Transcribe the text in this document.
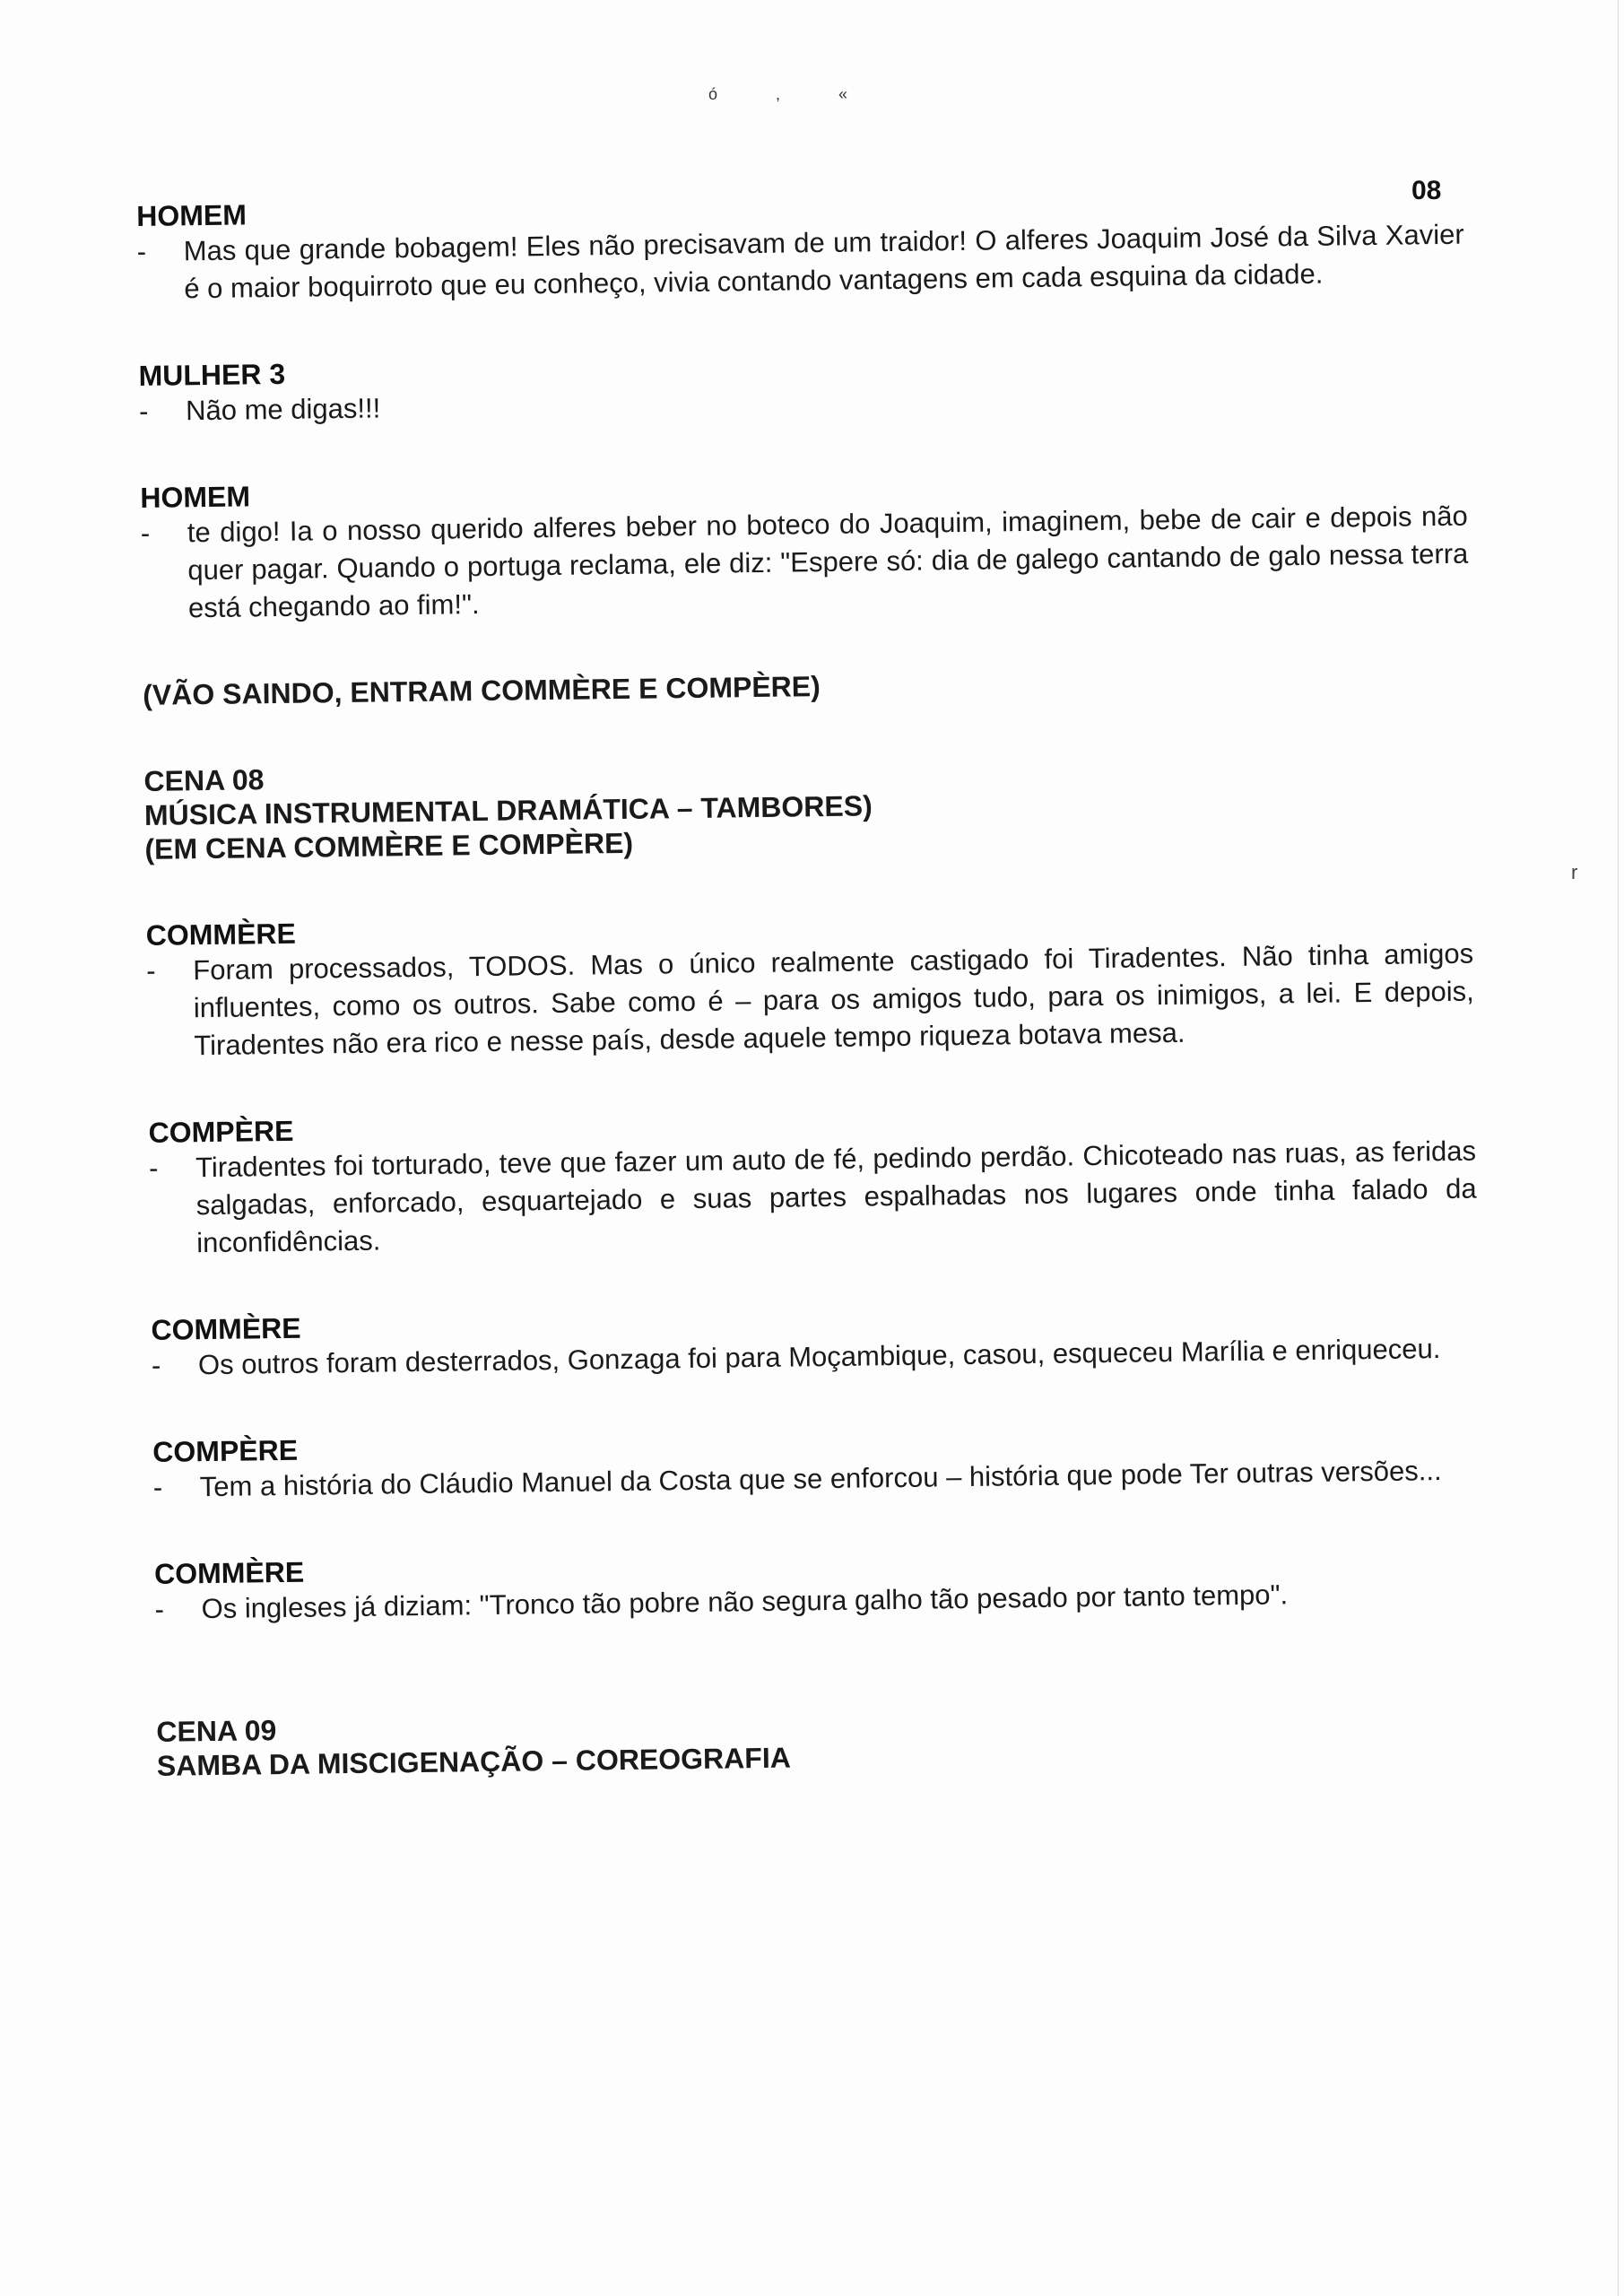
ó , «
08
r

HOMEM

-	Mas que grande bobagem! Eles não precisavam de um traidor! O alferes Joaquim José da Silva Xavier é o maior boquirroto que eu conheço, vivia contando vantagens em cada esquina da cidade.

MULHER 3

-	Não me digas!!!

HOMEM

-	te digo! Ia o nosso querido alferes beber no boteco do Joaquim, imaginem, bebe de cair e depois não quer pagar. Quando o portuga reclama, ele diz: "Espere só: dia de galego cantando de galo nessa terra está chegando ao fim!".

(VÃO SAINDO, ENTRAM COMMÈRE E COMPÈRE)

CENA 08

MÚSICA INSTRUMENTAL DRAMÁTICA – TAMBORES)

(EM CENA COMMÈRE E COMPÈRE)

COMMÈRE

-	Foram processados, TODOS. Mas o único realmente castigado foi Tiradentes. Não tinha amigos influentes, como os outros. Sabe como é – para os amigos tudo, para os inimigos, a lei. E depois, Tiradentes não era rico e nesse país, desde aquele tempo riqueza botava mesa.

COMPÈRE

-	Tiradentes foi torturado, teve que fazer um auto de fé, pedindo perdão. Chicoteado nas ruas, as feridas salgadas, enforcado, esquartejado e suas partes espalhadas nos lugares onde tinha falado da inconfidências.

COMMÈRE

-	Os outros foram desterrados, Gonzaga foi para Moçambique, casou, esqueceu Marília e enriqueceu.

COMPÈRE

-	Tem a história do Cláudio Manuel da Costa que se enforcou – história que pode Ter outras versões...

COMMÈRE

-	Os ingleses já diziam: "Tronco tão pobre não segura galho tão pesado por tanto tempo".

CENA 09

SAMBA DA MISCIGENAÇÃO – COREOGRAFIA
